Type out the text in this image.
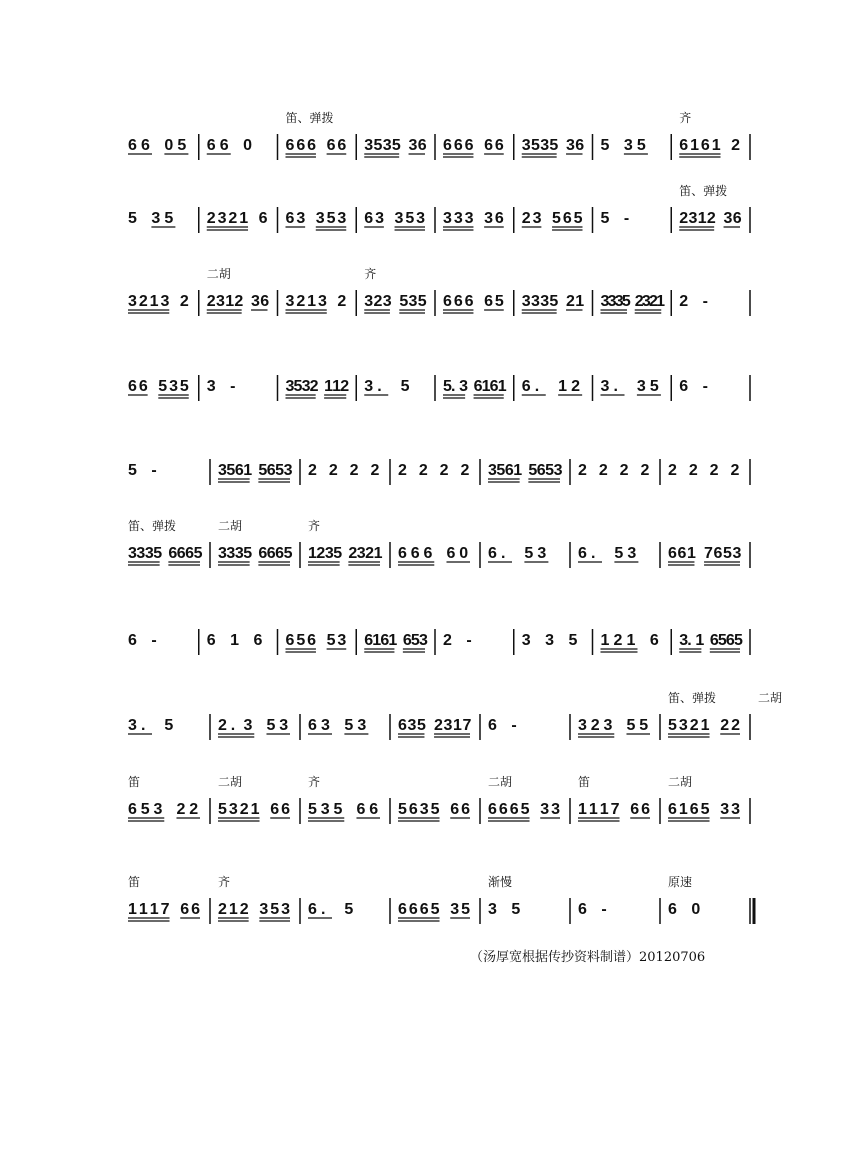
6 6 0 5 6 6 0 6 6 6 6 6 3 5 3 5 3 6 6 6 6 6 6 3 5 3 5 3 6 5 3 5 6 1 6 1 2
笛、弹拨	齐
5 3 5 2 3 2 1 6 6 3 3 5 3 6 3 3 5 3 3 3 3 3 6 2 3 5 6 5 5 -	2 3 1 2 3 6
笛、弹拨
3 2 1 3 2 2 3 1 2 3 6 3 2 1 3 2 3 2 3 5 3 5 6 6 6 6 5 3 3 3 5 2 1 3
3
3
5 2
3
2
1 2 -
二胡	齐
6 6 5 3 5 3 -	3 5 3 2 1 1 2 3 . 5 5 . 3 6 1 6 1 6 . 1 2 3 . 3 5 6 -
5 -	3 5 6 1 5 6 5 3 2 2 2 2 2 2 2 2 3 5 6 1 5 6 5 3 2 2 2 2 2 2 2 2
3 3 3 5 6 6 6 5 3 3 3 5 6 6 6 5 1 2 3 5 2 3 2 1 6 6 6 6 0 6 . 5 3 6 . 5 3 6 6 1 7 6 5 3
笛、弹拨	二胡	齐
6 -	6 1 6 6 5 6 5 3 6 1 6 1 6 5 3 2 -	3 3 5 1 2 1 6 3 . 1 6 5 6 5
3 . 5	2 . 3 5 3 6 3 5 3 6 3 5 2 3 1 7 6 -	3 2 3 5 5 5 3 2 1 2 2
笛、弹拨	二胡
6 5 3 2 2 5 3 2 1 6 6 5 3 5 6 6 5 6 3 5 6 6 6 6 6 5 3 3 1 1 1 7 6 6 6 1 6 5 3 3
笛	二胡	齐	二胡	笛	二胡
1 1 1 7 6 6 2 1 2 3 5 3 6 . 5	6 6 6 5 3 5 3 5	6 -	6 0
笛	齐	渐慢	原速
（汤厚宽根据传抄资料制谱）20120706
